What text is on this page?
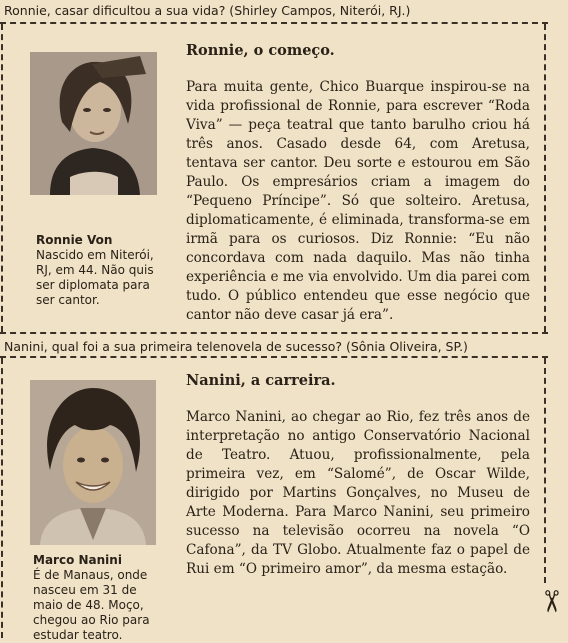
Ronnie, casar dificultou a sua vida? (Shirley Campos, Niterói, RJ.)
Ronnie Von
Nascido em Niterói, RJ, em 44. Não quis ser diplomata para ser cantor.
Ronnie, o começo.
Para muita gente, Chico Buarque inspirou-se na vida profissional de Ronnie, para escrever “Roda Viva” — peça teatral que tanto barulho criou há três anos. Casado desde 64, com Aretusa, tentava ser cantor. Deu sorte e estourou em São Paulo. Os empresários criam a imagem do “Pequeno Príncipe”. Só que solteiro. Aretusa, diplomaticamente, é eliminada, transforma-se em irmã para os curiosos. Diz Ronnie: “Eu não concordava com nada daquilo. Mas não tinha experiência e me via envolvido. Um dia parei com tudo. O público entendeu que esse negócio que cantor não deve casar já era”.
Nanini, qual foi a sua primeira telenovela de sucesso? (Sônia Oliveira, SP.)
Marco Nanini
É de Manaus, onde nasceu em 31 de maio de 48. Moço, chegou ao Rio para estudar teatro.
Nanini, a carreira.
Marco Nanini, ao chegar ao Rio, fez três anos de interpretação no antigo Conservatório Nacional de Teatro. Atuou, profissionalmente, pela primeira vez, em “Salomé”, de Oscar Wilde, dirigido por Martins Gonçalves, no Museu de Arte Moderna. Para Marco Nanini, seu primeiro sucesso na televisão ocorreu na novela “O Cafona”, da TV Globo. Atualmente faz o papel de Rui em “O primeiro amor”, da mesma estação.
✂
